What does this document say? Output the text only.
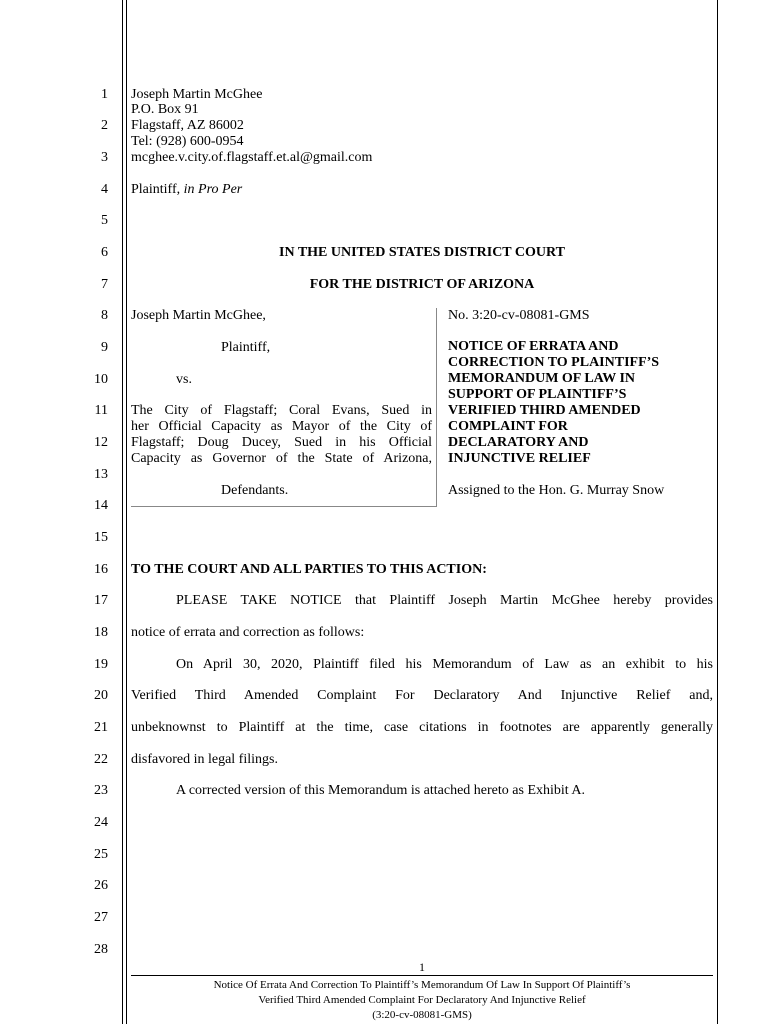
1
2
3
4
5
6
7
8
9
10
11
12
13
14
15
16
17
18
19
20
21
22
23
24
25
26
27
28
Joseph Martin McGhee
P.O. Box 91
Flagstaff, AZ 86002
Tel: (928) 600-0954
mcghee.v.city.of.flagstaff.et.al@gmail.com
Plaintiff, in Pro Per
IN THE UNITED STATES DISTRICT COURT
FOR THE DISTRICT OF ARIZONA
Joseph Martin McGhee,
Plaintiff,
vs.
The City of Flagstaff; Coral Evans, Sued in
her Official Capacity as Mayor of the City of
Flagstaff; Doug Ducey, Sued in his Official
Capacity as Governor of the State of Arizona,
Defendants.
No. 3:20-cv-08081-GMS
NOTICE OF ERRATA AND
CORRECTION TO PLAINTIFF’S
MEMORANDUM OF LAW IN
SUPPORT OF PLAINTIFF’S
VERIFIED THIRD AMENDED
COMPLAINT FOR
DECLARATORY AND
INJUNCTIVE RELIEF
Assigned to the Hon. G. Murray Snow
TO THE COURT AND ALL PARTIES TO THIS ACTION:
PLEASE TAKE NOTICE that Plaintiff Joseph Martin McGhee hereby provides
notice of errata and correction as follows:
On April 30, 2020, Plaintiff filed his Memorandum of Law as an exhibit to his
Verified Third Amended Complaint For Declaratory And Injunctive Relief and,
unbeknownst to Plaintiff at the time, case citations in footnotes are apparently generally
disfavored in legal filings.
A corrected version of this Memorandum is attached hereto as Exhibit A.
1
Notice Of Errata And Correction To Plaintiff’s Memorandum Of Law In Support Of Plaintiff’s
Verified Third Amended Complaint For Declaratory And Injunctive Relief
(3:20-cv-08081-GMS)
